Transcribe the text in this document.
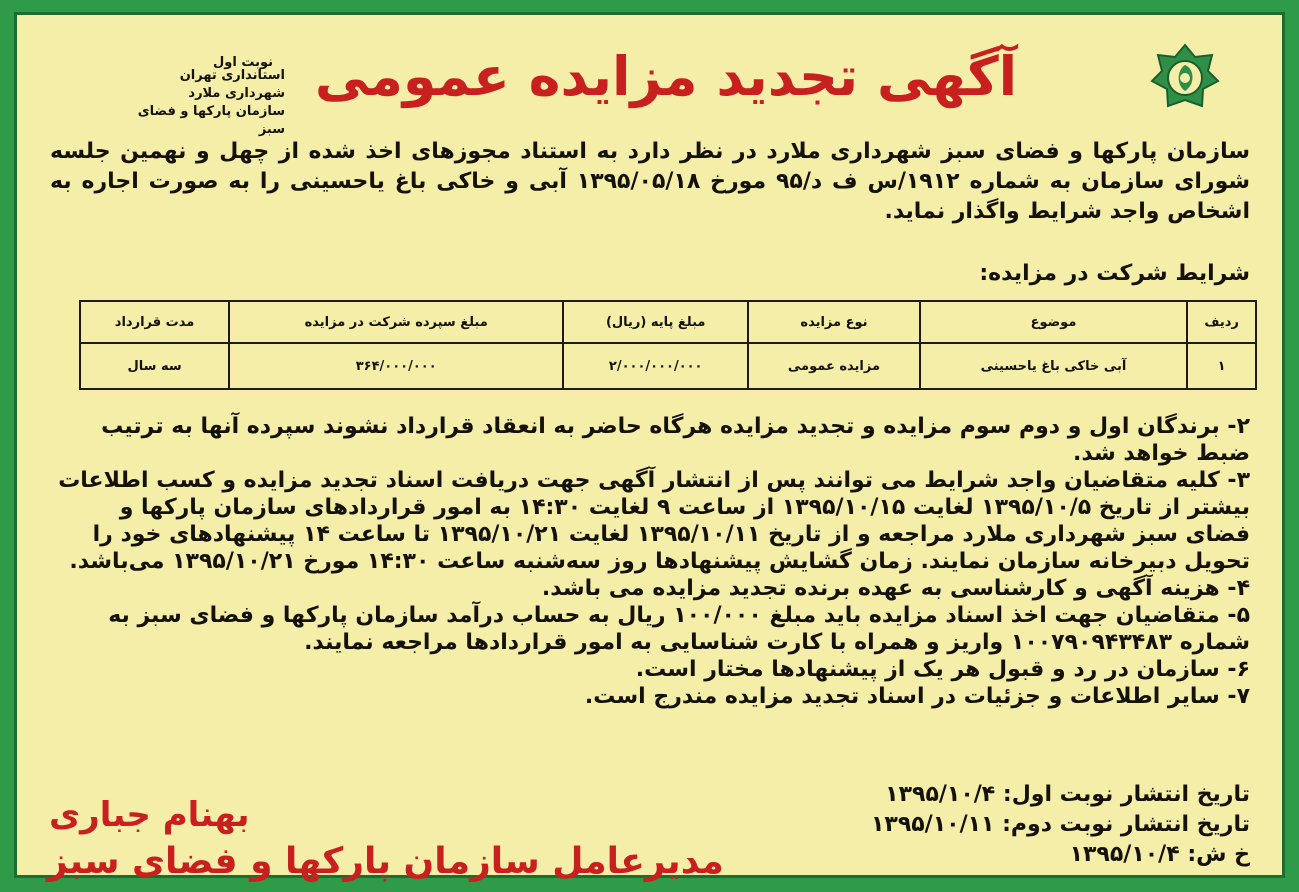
نوبت اول
استانداری تهران
شهرداری ملارد
سازمان پارکها و فضای سبز
آگهی تجدید مزایده عمومی
سازمان پارکها و فضای سبز شهرداری ملارد در نظر دارد به استناد مجوزهای اخذ شده از چهل و نهمین جلسه شورای سازمان به شماره ۱۹۱۲/س ف د/۹۵ مورخ ۱۳۹۵/۰۵/۱۸ آبی و خاکی باغ یاحسینی را به صورت اجاره به اشخاص واجد شرایط واگذار نماید.
شرایط شرکت در مزایده:
ردیف	موضوع	نوع مزایده	مبلغ پایه (ریال)	مبلغ سپرده شرکت در مزایده	مدت قرارداد
۱	آبی خاکی باغ یاحسینی	مزایده عمومی	۲/۰۰۰/۰۰۰/۰۰۰	۳۶۴/۰۰۰/۰۰۰	سه سال

۲- برندگان اول و دوم سوم مزایده و تجدید مزایده هرگاه حاضر به انعقاد قرارداد نشوند سپرده آنها به ترتیب ضبط خواهد شد.

۳- کلیه متقاضیان واجد شرایط می توانند پس از انتشار آگهی جهت دریافت اسناد تجدید مزایده و کسب اطلاعات بیشتر از تاریخ ۱۳۹۵/۱۰/۵ لغایت ۱۳۹۵/۱۰/۱۵ از ساعت ۹ لغایت ۱۴:۳۰ به امور قراردادهای سازمان پارکها و فضای سبز شهرداری ملارد مراجعه و از تاریخ ۱۳۹۵/۱۰/۱۱ لغایت ۱۳۹۵/۱۰/۲۱ تا ساعت ۱۴ پیشنهادهای خود را تحویل دبیرخانه سازمان نمایند. زمان گشایش پیشنهادها روز سه‌شنبه ساعت ۱۴:۳۰ مورخ ۱۳۹۵/۱۰/۲۱ می‌باشد.

۴- هزینه آگهی و کارشناسی به عهده برنده تجدید مزایده می باشد.

۵- متقاضیان جهت اخذ اسناد مزایده باید مبلغ ۱۰۰/۰۰۰ ریال به حساب درآمد سازمان پارکها و فضای سبز به شماره ۱۰۰۷۹۰۹۴۳۴۸۳ واریز و همراه با کارت شناسایی به امور قراردادها مراجعه نمایند.

۶- سازمان در رد و قبول هر یک از پیشنهادها مختار است.

۷- سایر اطلاعات و جزئیات در اسناد تجدید مزایده مندرج است.

تاریخ انتشار نوبت اول: ۱۳۹۵/۱۰/۴
تاریخ انتشار نوبت دوم: ۱۳۹۵/۱۰/۱۱
خ ش: ۱۳۹۵/۱۰/۴
بهنام جباری
مدیرعامل سازمان پارکها و فضای سبز
